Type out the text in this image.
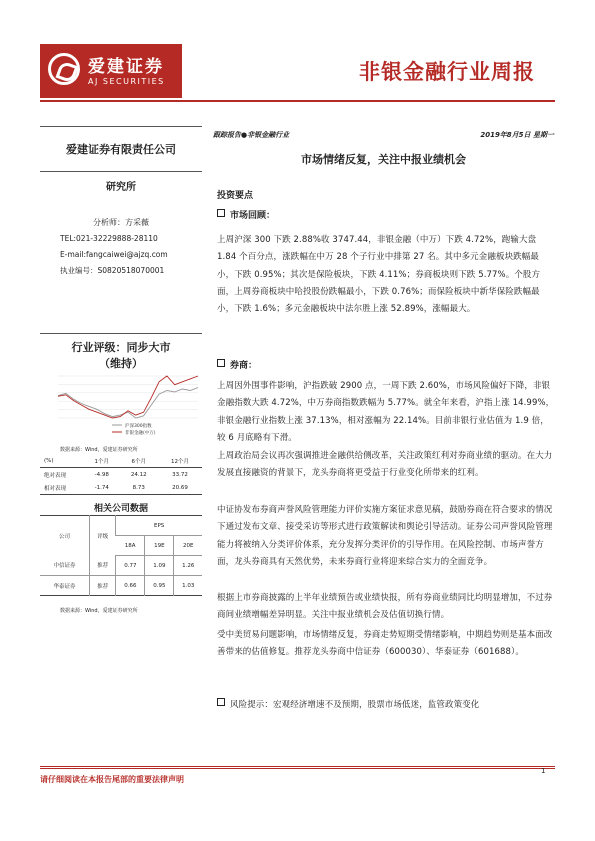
爱建证券
AJ SECURITIES	非银金融行业周报
爱建证券有限责任公司
研究所
分析师：方采薇
TEL:021-32229888-28110
E-mail:fangcaiwei@ajzq.com
执业编号：S0820518070001
行业评级：同步大市
（维持）
沪深300指数
非银金融(中万)
数据来源：Wind，爱建证券研究所
(%)	1个月	6个月	12个月
绝对表现	-4.98	24.12	33.72
相对表现	-1.74	8.73	20.69
相关公司数据
公司	评级	EPS		
		18A	19E	20E
中信证券	推荐	0.77	1.09	1.26
华泰证券	推荐	0.66	0.95	1.03
数据来源：Wind，爱建证券研究所
跟踪报告●非银金融行业	2019年8月5日 星期一
市场情绪反复，关注中报业绩机会
投资要点
市场回顾：
上周沪深 300 下跌 2.88%收 3747.44，非银金融（中万）下跌 4.72%，跑输大盘 1.84 个百分点，涨跌幅在中万 28 个子行业中排第 27 名。其中多元金融板块跌幅最小，下跌 0.95%；其次是保险板块，下跌 4.11%；券商板块则下跌 5.77%。个股方面，上周券商板块中哈投股份跌幅最小，下跌 0.76%；而保险板块中新华保险跌幅最小，下跌 1.6%；多元金融板块中法尔胜上涨 52.89%，涨幅最大。
券商：
上周因外围事件影响，沪指跌破 2900 点，一周下跌 2.60%，市场风险偏好下降，非银金融指数大跌 4.72%，中万券商指数跌幅为 5.77%。就全年来看，沪指上涨 14.99%，非银金融行业指数上涨 37.13%，相对涨幅为 22.14%。目前非银行业估值为 1.9 倍，较 6 月底略有下滑。
上周政治局会议再次强调推进金融供给侧改革，关注政策红利对券商业绩的驱动。在大力发展直接融资的背景下，龙头券商将更受益于行业变化所带来的红利。
中证协发布券商声誉风险管理能力评价实施方案征求意见稿，鼓励券商在符合要求的情况下通过发布文章、接受采访等形式进行政策解读和舆论引导活动。证券公司声誉风险管理能力将被纳入分类评价体系，充分发挥分类评价的引导作用。在风险控制、市场声誉方面，龙头券商具有天然优势，未来券商行业将迎来综合实力的全面竞争。
根据上市券商披露的上半年业绩预告或业绩快报，所有券商业绩同比均明显增加，不过券商间业绩增幅差异明显。关注中报业绩机会及估值切换行情。
受中美贸易问题影响，市场情绪反复，券商走势短期受情绪影响，中期趋势则是基本面改善带来的估值修复。推荐龙头券商中信证券（600030）、华泰证券（601688）。
风险提示：宏观经济增速不及预期，股票市场低迷，监管政策变化
请仔细阅读在本报告尾部的重要法律声明
1
